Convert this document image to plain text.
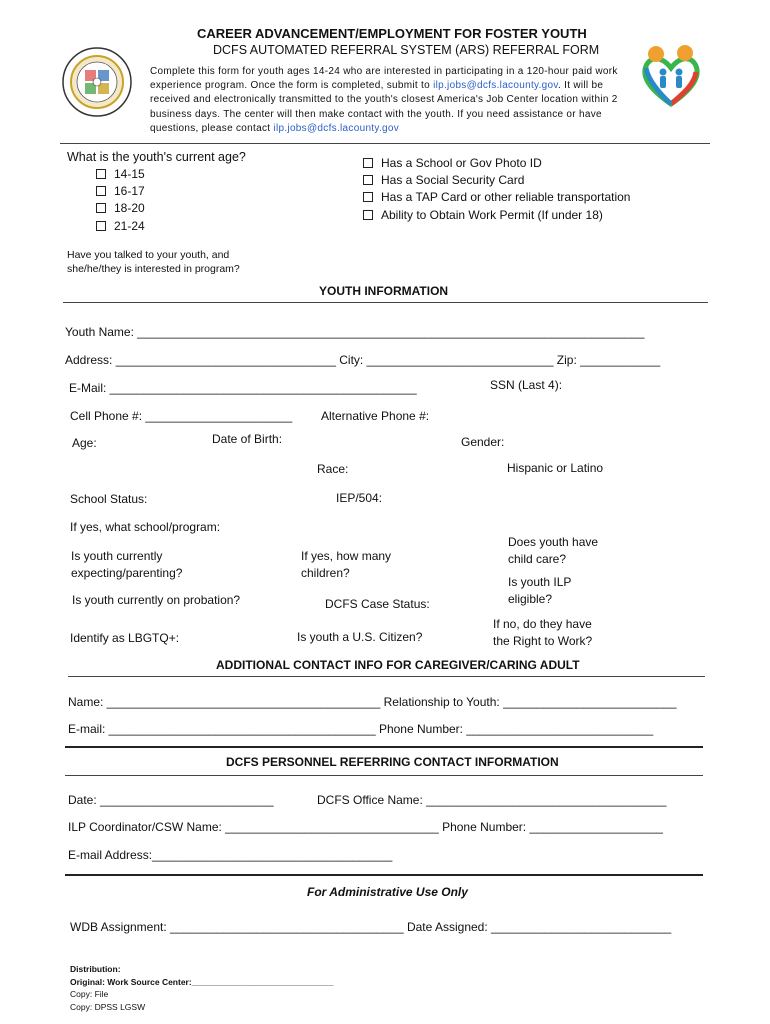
CAREER ADVANCEMENT/EMPLOYMENT FOR FOSTER YOUTH
DCFS AUTOMATED REFERRAL SYSTEM (ARS) REFERRAL FORM
Complete this form for youth ages 14-24 who are interested in participating in a 120-hour paid work
experience program. Once the form is completed, submit to ilp.jobs@dcfs.lacounty.gov. It will be
received and electronically transmitted to the youth's closest America's Job Center location within 2
business days. The center will then make contact with the youth. If you need assistance or have
questions, please contact ilp.jobs@dcfs.lacounty.gov
What is the youth's current age?
14-15
16-17
18-20
21-24
Has a School or Gov Photo ID
Has a Social Security Card
Has a TAP Card or other reliable transportation
Ability to Obtain Work Permit (If under 18)
Have you talked to your youth, and
she/he/they is interested in program?
YOUTH INFORMATION
Youth Name: ____________________________________________________________________________
Address: _________________________________ City: ____________________________ Zip: ____________
E-Mail: ______________________________________________	SSN (Last 4):
Cell Phone #: ______________________ Alternative Phone #:
Age:	Date of Birth:	Gender:
Race:	Hispanic or Latino
School Status:	IEP/504:
If yes, what school/program:
Is youth currently
expecting/parenting?
If yes, how many
children?
Does youth have
child care?
Is youth ILP
eligible?
Is youth currently on probation?	DCFS Case Status:
If no, do they have
the Right to Work?
Identify as LBGTQ+:	Is youth a U.S. Citizen?
ADDITIONAL CONTACT INFO FOR CAREGIVER/CARING ADULT
Name: _________________________________________ Relationship to Youth: __________________________
E-mail: ________________________________________ Phone Number: ____________________________
DCFS PERSONNEL REFERRING CONTACT INFORMATION
Date: __________________________	DCFS Office Name: ____________________________________
ILP Coordinator/CSW Name: ________________________________ Phone Number: ____________________
E-mail Address:____________________________________
For Administrative Use Only
WDB Assignment: ___________________________________ Date Assigned: ___________________________
Distribution:
Original: Work Source Center:______________________________
Copy: File
Copy: DPSS LGSW
